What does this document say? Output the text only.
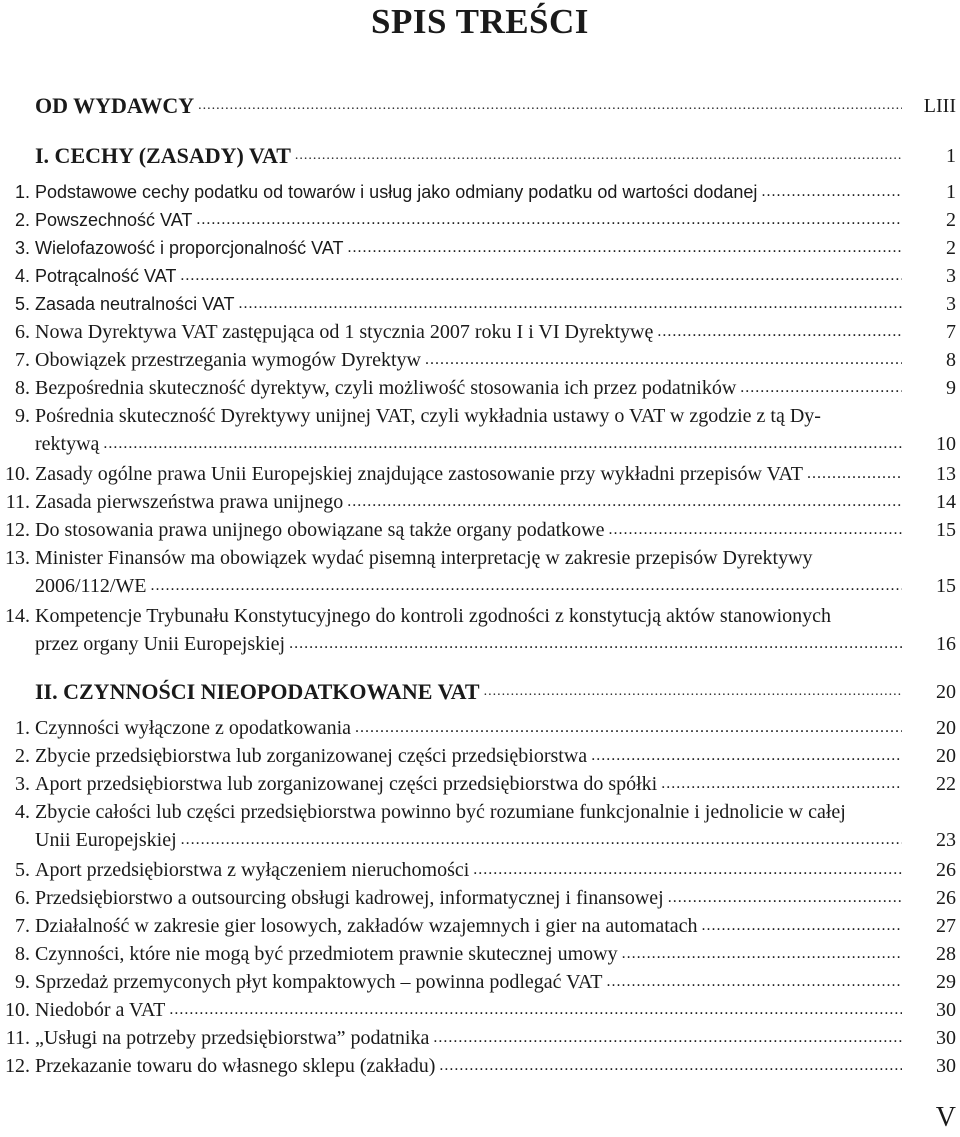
SPIS TREŚCI
OD WYDAWCY .....	LIII
I. CECHY (ZASADY) VAT .....	1
1. Podstawowe cechy podatku od towarów i usług jako odmiany podatku od wartości dodanej .....	1
2. Powszechność VAT .....	2
3. Wielofazowość i proporcjonalność VAT .....	2
4. Potrącalność VAT .....	3
5. Zasada neutralności VAT .....	3
6. Nowa Dyrektywa VAT zastępująca od 1 stycznia 2007 roku I i VI Dyrektywę .....	7
7. Obowiązek przestrzegania wymogów Dyrektyw .....	8
8. Bezpośrednia skuteczność dyrektyw, czyli możliwość stosowania ich przez podatników .....	9
9. Pośrednia skuteczność Dyrektywy unijnej VAT, czyli wykładnia ustawy o VAT w zgodzie z tą Dy-
rektywą .....	10
10. Zasady ogólne prawa Unii Europejskiej znajdujące zastosowanie przy wykładni przepisów VAT .....	13
11. Zasada pierwszeństwa prawa unijnego .....	14
12. Do stosowania prawa unijnego obowiązane są także organy podatkowe .....	15
13. Minister Finansów ma obowiązek wydać pisemną interpretację w zakresie przepisów Dyrektywy
2006/112/WE .....	15
14. Kompetencje Trybunału Konstytucyjnego do kontroli zgodności z konstytucją aktów stanowionych
przez organy Unii Europejskiej .....	16
II. CZYNNOŚCI NIEOPODATKOWANE VAT .....	20
1. Czynności wyłączone z opodatkowania .....	20
2. Zbycie przedsiębiorstwa lub zorganizowanej części przedsiębiorstwa .....	20
3. Aport przedsiębiorstwa lub zorganizowanej części przedsiębiorstwa do spółki .....	22
4. Zbycie całości lub części przedsiębiorstwa powinno być rozumiane funkcjonalnie i jednolicie w całej
Unii Europejskiej .....	23
5. Aport przedsiębiorstwa z wyłączeniem nieruchomości .....	26
6. Przedsiębiorstwo a outsourcing obsługi kadrowej, informatycznej i finansowej .....	26
7. Działalność w zakresie gier losowych, zakładów wzajemnych i gier na automatach .....	27
8. Czynności, które nie mogą być przedmiotem prawnie skutecznej umowy .....	28
9. Sprzedaż przemyconych płyt kompaktowych – powinna podlegać VAT .....	29
10. Niedobór a VAT .....	30
11. „Usługi na potrzeby przedsiębiorstwa” podatnika .....	30
12. Przekazanie towaru do własnego sklepu (zakładu) .....	30
V
